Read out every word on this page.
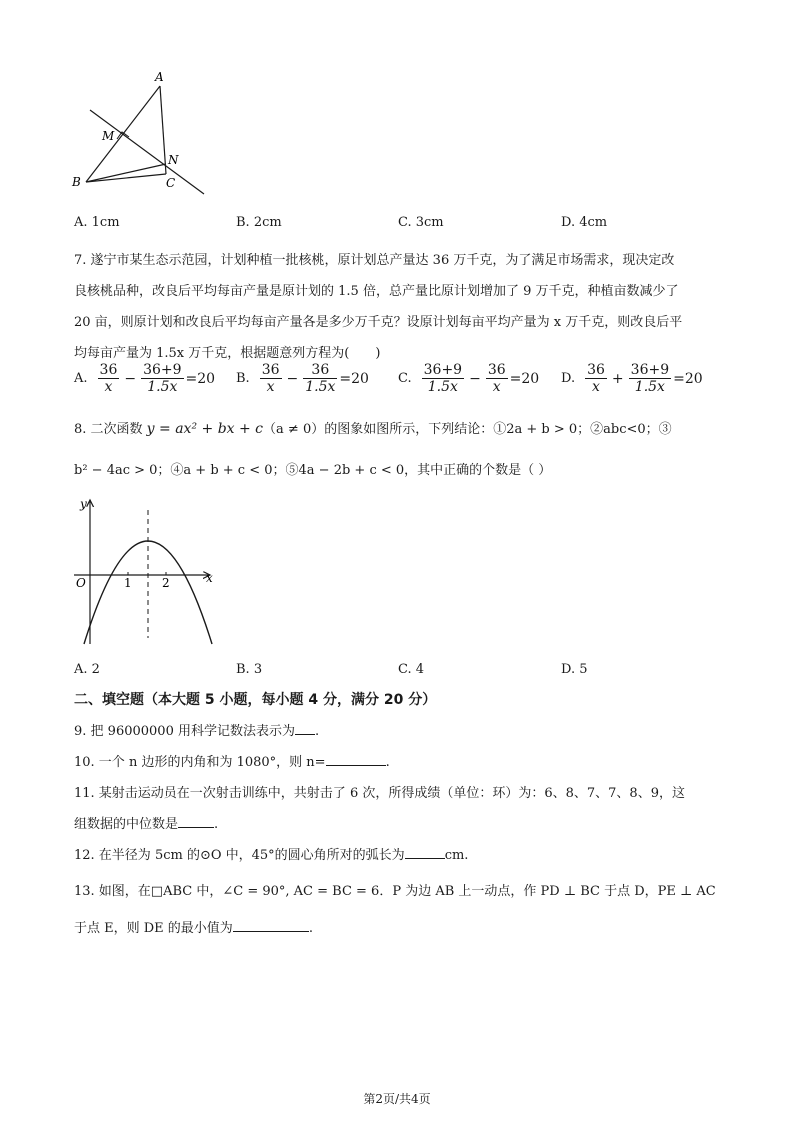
A
M
N
B	C
A. 1cm	B. 2cm	C. 3cm	D. 4cm
7. 遂宁市某生态示范园，计划种植一批核桃，原计划总产量达 36 万千克，为了满足市场需求，现决定改
良核桃品种，改良后平均每亩产量是原计划的 1.5 倍，总产量比原计划增加了 9 万千克，种植亩数减少了
20 亩，则原计划和改良后平均每亩产量各是多少万千克？设原计划每亩平均产量为 x 万千克，则改良后平
均每亩产量为 1.5x 万千克，根据题意列方程为(　　)
A. $\frac{36}{x} - \frac{36+9}{1.5x} =20$ B. $\frac{36}{x} - \frac{36}{1.5x} =20$ C. $\frac{36+9}{1.5x} - \frac{36}{x} =20$ D. $\frac{36}{x} + \frac{36+9}{1.5x} =20$
8. 二次函数 y = ax² + bx + c（a ≠ 0）的图象如图所示，下列结论：①2a + b > 0；②abc<0；③
b² − 4ac > 0；④a + b + c < 0；⑤4a − 2b + c < 0，其中正确的个数是（ ）
y
x
O	1	2
A. 2	B. 3	C. 4	D. 5
二、填空题（本大题 5 小题，每小题 4 分，满分 20 分）
9. 把 96000000 用科学记数法表示为 .
10. 一个 n 边形的内角和为 1080°，则 n=	.
11. 某射击运动员在一次射击训练中，共射击了 6 次，所得成绩（单位：环）为：6、8、7、7、8、9，这
组数据的中位数是	.
12. 在半径为 5cm 的⊙O 中，45°的圆心角所对的弧长为	cm.
13. 如图，在□ABC 中，∠C = 90°, AC = BC = 6．P 为边 AB 上一动点，作 PD ⊥ BC 于点 D，PE ⊥ AC
于点 E，则 DE 的最小值为	.
第2页/共4页
